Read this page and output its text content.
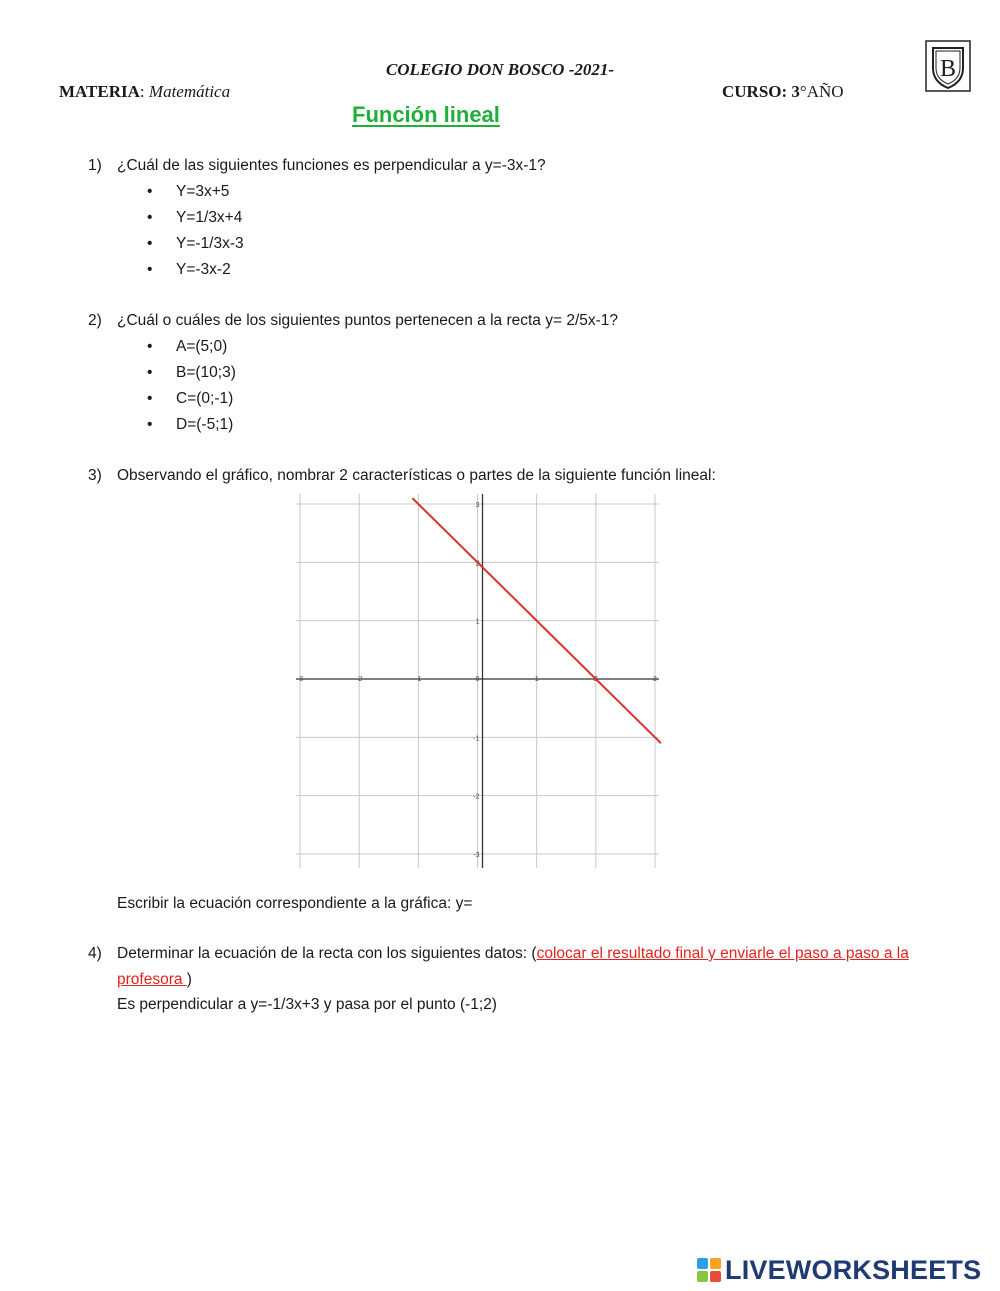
COLEGIO DON BOSCO -2021-
MATERIA: Matemática	CURSO: 3°AÑO
B
Función lineal
1) ¿Cuál de las siguientes funciones es perpendicular a y=-3x-1?
• Y=3x+5
• Y=1/3x+4
• Y=-1/3x-3
• Y=-3x-2
2) ¿Cuál o cuáles de los siguientes puntos pertenecen a la recta y= 2/5x-1?
• A=(5;0)
• B=(10;3)
• C=(0;-1)
• D=(-5;1)
3) Observando el gráfico, nombrar 2 características o partes de la siguiente función lineal:
-3	-2	-1	0	1	2	3
3
2
1
-1
-2
-3
Escribir la ecuación correspondiente a la gráfica: y=
4) Determinar la ecuación de la recta con los siguientes datos: (colocar el resultado final y enviarle el paso a paso a la
profesora )
Es perpendicular a y=-1/3x+3 y pasa por el punto (-1;2)
LIVEWORKSHEETS
